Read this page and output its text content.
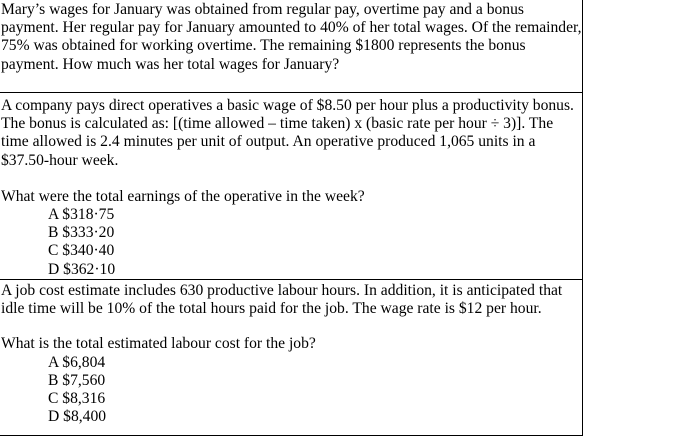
Mary’s wages for January was obtained from regular pay, overtime pay and a bonus payment. Her regular pay for January amounted to 40% of her total wages. Of the remainder, 75% was obtained for working overtime. The remaining $1800 represents the bonus payment. How much was her total wages for January?

A company pays direct operatives a basic wage of $8.50 per hour plus a productivity bonus. The bonus is calculated as: [(time allowed – time taken) x (basic rate per hour ÷ 3)]. The time allowed is 2.4 minutes per unit of output. An operative produced 1,065 units in a $37.50-hour week.

What were the total earnings of the operative in the week?

A $318·75
B $333·20
C $340·40
D $362·10

A job cost estimate includes 630 productive labour hours. In addition, it is anticipated that idle time will be 10% of the total hours paid for the job. The wage rate is $12 per hour.

What is the total estimated labour cost for the job?

A $6,804
B $7,560
C $8,316
D $8,400
